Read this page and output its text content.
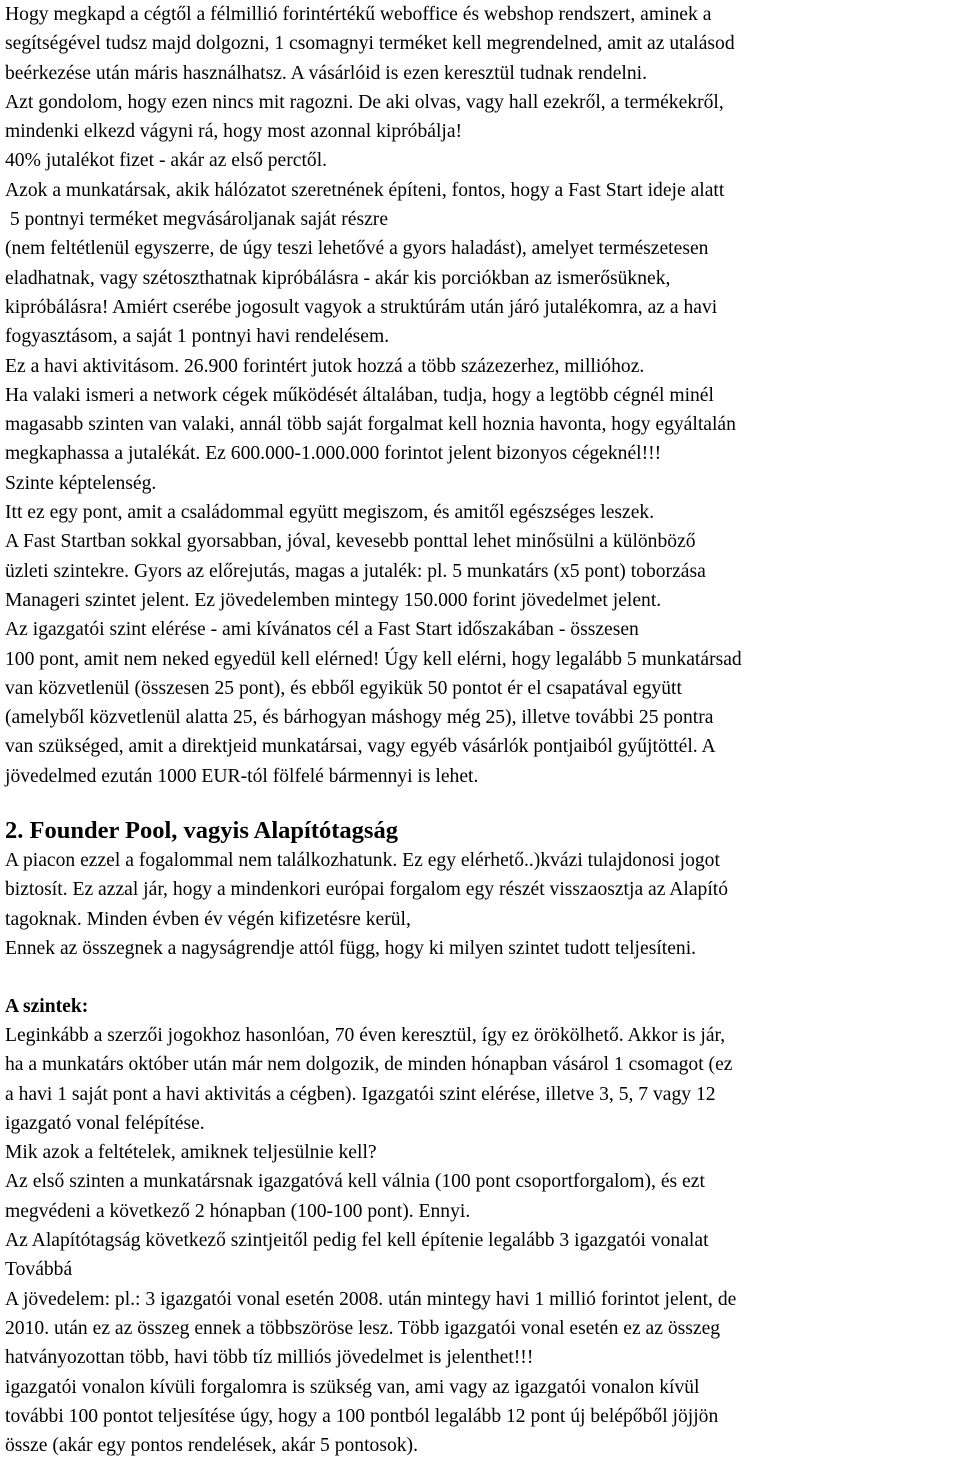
Hogy megkapd a cégtől a félmillió forintértékű weboffice és webshop rendszert, aminek a
segítségével tudsz majd dolgozni, 1 csomagnyi terméket kell megrendelned, amit az utalásod
beérkezése után máris használhatsz. A vásárlóid is ezen keresztül tudnak rendelni.
Azt gondolom, hogy ezen nincs mit ragozni. De aki olvas, vagy hall ezekről, a termékekről,
mindenki elkezd vágyni rá, hogy most azonnal kipróbálja!
40% jutalékot fizet - akár az első perctől.
Azok a munkatársak, akik hálózatot szeretnének építeni, fontos, hogy a Fast Start ideje alatt
5 pontnyi terméket megvásároljanak saját részre
(nem feltétlenül egyszerre, de úgy teszi lehetővé a gyors haladást), amelyet természetesen
eladhatnak, vagy szétoszthatnak kipróbálásra - akár kis porciókban az ismerősüknek,
kipróbálásra! Amiért cserébe jogosult vagyok a struktúrám után járó jutalékomra, az a havi
fogyasztásom, a saját 1 pontnyi havi rendelésem.
Ez a havi aktivitásom. 26.900 forintért jutok hozzá a több százezerhez, millióhoz.
Ha valaki ismeri a network cégek működését általában, tudja, hogy a legtöbb cégnél minél
magasabb szinten van valaki, annál több saját forgalmat kell hoznia havonta, hogy egyáltalán
megkaphassa a jutalékát. Ez 600.000-1.000.000 forintot jelent bizonyos cégeknél!!!
Szinte képtelenség.
Itt ez egy pont, amit a családommal együtt megiszom, és amitől egészséges leszek.
A Fast Startban sokkal gyorsabban, jóval, kevesebb ponttal lehet minősülni a különböző
üzleti szintekre. Gyors az előrejutás, magas a jutalék: pl. 5 munkatárs (x5 pont) toborzása
Manageri szintet jelent. Ez jövedelemben mintegy 150.000 forint jövedelmet jelent.
Az igazgatói szint elérése - ami kívánatos cél a Fast Start időszakában - összesen
100 pont, amit nem neked egyedül kell elérned! Úgy kell elérni, hogy legalább 5 munkatársad
van közvetlenül (összesen 25 pont), és ebből egyikük 50 pontot ér el csapatával együtt
(amelyből közvetlenül alatta 25, és bárhogyan máshogy még 25), illetve további 25 pontra
van szükséged, amit a direktjeid munkatársai, vagy egyéb vásárlók pontjaiból gyűjtöttél. A
jövedelmed ezután 1000 EUR-tól fölfelé bármennyi is lehet.
2. Founder Pool, vagyis Alapítótagság
A piacon ezzel a fogalommal nem találkozhatunk. Ez egy elérhető..)kvázi tulajdonosi jogot
biztosít. Ez azzal jár, hogy a mindenkori európai forgalom egy részét visszaosztja az Alapító
tagoknak. Minden évben év végén kifizetésre kerül,
Ennek az összegnek a nagyságrendje attól függ, hogy ki milyen szintet tudott teljesíteni.
A szintek:
Leginkább a szerzői jogokhoz hasonlóan, 70 éven keresztül, így ez örökölhető. Akkor is jár,
ha a munkatárs október után már nem dolgozik, de minden hónapban vásárol 1 csomagot (ez
a havi 1 saját pont a havi aktivitás a cégben). Igazgatói szint elérése, illetve 3, 5, 7 vagy 12
igazgató vonal felépítése.
Mik azok a feltételek, amiknek teljesülnie kell?
Az első szinten a munkatársnak igazgatóvá kell válnia (100 pont csoportforgalom), és ezt
megvédeni a következő 2 hónapban (100-100 pont). Ennyi.
Az Alapítótagság következő szintjeitől pedig fel kell építenie legalább 3 igazgatói vonalat
Továbbá
A jövedelem: pl.: 3 igazgatói vonal esetén 2008. után mintegy havi 1 millió forintot jelent, de
2010. után ez az összeg ennek a többszöröse lesz. Több igazgatói vonal esetén ez az összeg
hatványozottan több, havi több tíz milliós jövedelmet is jelenthet!!!
igazgatói vonalon kívüli forgalomra is szükség van, ami vagy az igazgatói vonalon kívül
további 100 pontot teljesítése úgy, hogy a 100 pontból legalább 12 pont új belépőből jöjjön
össze (akár egy pontos rendelések, akár 5 pontosok).
